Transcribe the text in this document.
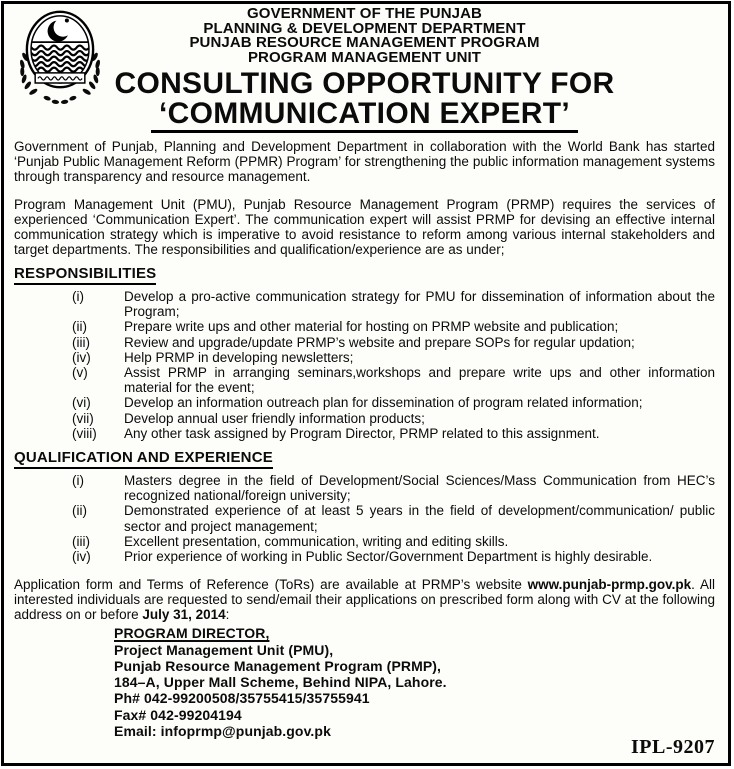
GOVERNMENT OF THE PUNJAB
PLANNING & DEVELOPMENT DEPARTMENT
PUNJAB RESOURCE MANAGEMENT PROGRAM
PROGRAM MANAGEMENT UNIT
CONSULTING OPPORTUNITY FOR
‘COMMUNICATION EXPERT’

Government of Punjab, Planning and Development Department in collaboration with the World Bank has started ‘Punjab Public Management Reform (PPMR) Program’ for strengthening the public information management systems through transparency and resource management.

Program Management Unit (PMU), Punjab Resource Management Program (PRMP) requires the services of experienced ‘Communication Expert’. The communication expert will assist PRMP for devising an effective internal communication strategy which is imperative to avoid resistance to reform among various internal stakeholders and target departments. The responsibilities and qualification/experience are as under;

RESPONSIBILITIES
(i)	Develop a pro-active communication strategy for PMU for dissemination of information about the Program;
(ii)	Prepare write ups and other material for hosting on PRMP website and publication;
(iii)	Review and upgrade/update PRMP’s website and prepare SOPs for regular updation;
(iv)	Help PRMP in developing newsletters;
(v)	Assist PRMP in arranging seminars,workshops and prepare write ups and other information material for the event;
(vi)	Develop an information outreach plan for dissemination of program related information;
(vii)	Develop annual user friendly information products;
(viii)	Any other task assigned by Program Director, PRMP related to this assignment.
QUALIFICATION AND EXPERIENCE
(i)	Masters degree in the field of Development/Social Sciences/Mass Communication from HEC’s recognized national/foreign university;
(ii)	Demonstrated experience of at least 5 years in the field of development/communication/ public sector and project management;
(iii)	Excellent presentation, communication, writing and editing skills.
(iv)	Prior experience of working in Public Sector/Government Department is highly desirable.

Application form and Terms of Reference (ToRs) are available at PRMP’s website www.punjab-prmp.gov.pk. All interested individuals are requested to send/email their applications on prescribed form along with CV at the following address on or before July 31, 2014:

PROGRAM DIRECTOR,
Project Management Unit (PMU),
Punjab Resource Management Program (PRMP),
184–A, Upper Mall Scheme, Behind NIPA, Lahore.
Ph# 042-99200508/35755415/35755941
Fax# 042-99204194
Email: infoprmp@punjab.gov.pk
IPL-9207
